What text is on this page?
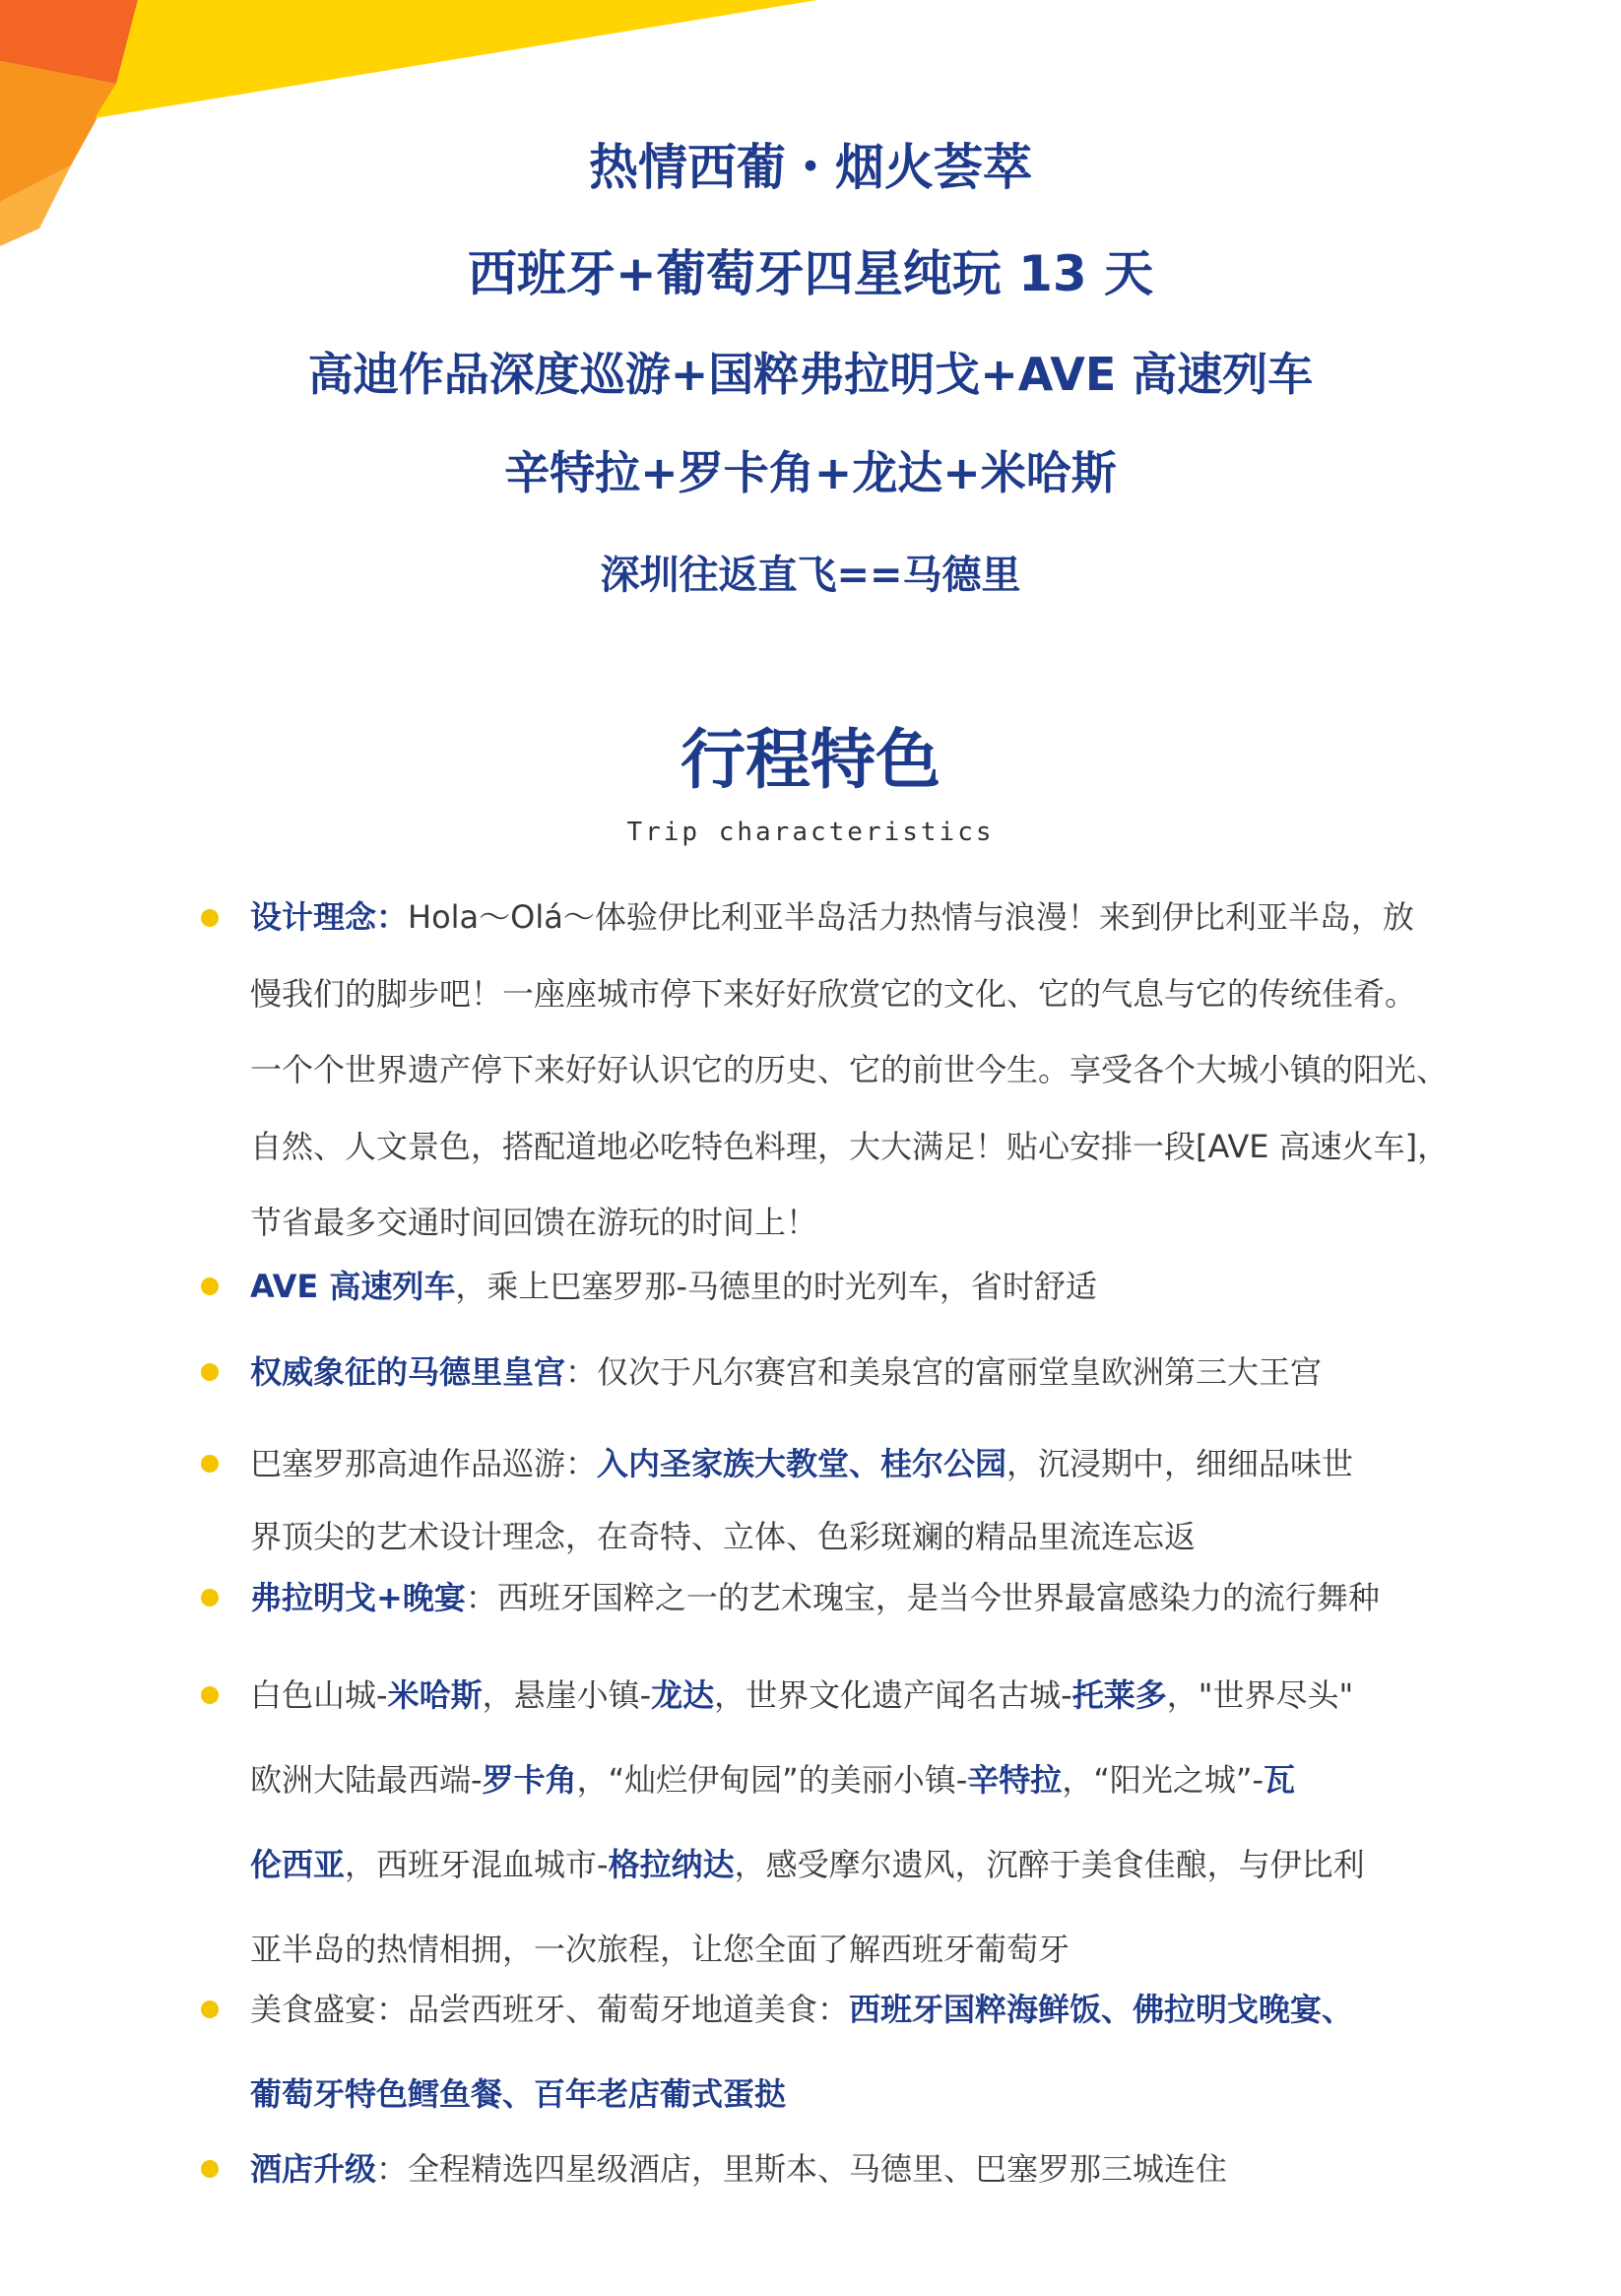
热情西葡・烟火荟萃
西班牙+葡萄牙四星纯玩 13 天
高迪作品深度巡游+国粹弗拉明戈+AVE 高速列车
辛特拉+罗卡角+龙达+米哈斯
深圳往返直飞==马德里
行程特色
Trip characteristics
设计理念：Hola～Olá～体验伊比利亚半岛活力热情与浪漫！来到伊比利亚半岛，放
慢我们的脚步吧！一座座城市停下来好好欣赏它的文化、它的气息与它的传统佳肴。
一个个世界遗产停下来好好认识它的历史、它的前世今生。享受各个大城小镇的阳光、
自然、人文景色，搭配道地必吃特色料理，大大满足！贴心安排一段[AVE 高速火车]，
节省最多交通时间回馈在游玩的时间上！
AVE 高速列车，乘上巴塞罗那-马德里的时光列车，省时舒适
权威象征的马德里皇宫：仅次于凡尔赛宫和美泉宫的富丽堂皇欧洲第三大王宫
巴塞罗那高迪作品巡游：入内圣家族大教堂、桂尔公园，沉浸期中，细细品味世
界顶尖的艺术设计理念，在奇特、立体、色彩斑斓的精品里流连忘返
弗拉明戈+晚宴：西班牙国粹之一的艺术瑰宝，是当今世界最富感染力的流行舞种
白色山城-米哈斯，悬崖小镇-龙达，世界文化遗产闻名古城-托莱多，"世界尽头"
欧洲大陆最西端-罗卡角，“灿烂伊甸园”的美丽小镇-辛特拉，“阳光之城”-瓦
伦西亚，西班牙混血城市-格拉纳达，感受摩尔遗风，沉醉于美食佳酿，与伊比利
亚半岛的热情相拥，一次旅程，让您全面了解西班牙葡萄牙
美食盛宴：品尝西班牙、葡萄牙地道美食：西班牙国粹海鲜饭、佛拉明戈晚宴、
葡萄牙特色鳕鱼餐、百年老店葡式蛋挞
酒店升级：全程精选四星级酒店，里斯本、马德里、巴塞罗那三城连住
